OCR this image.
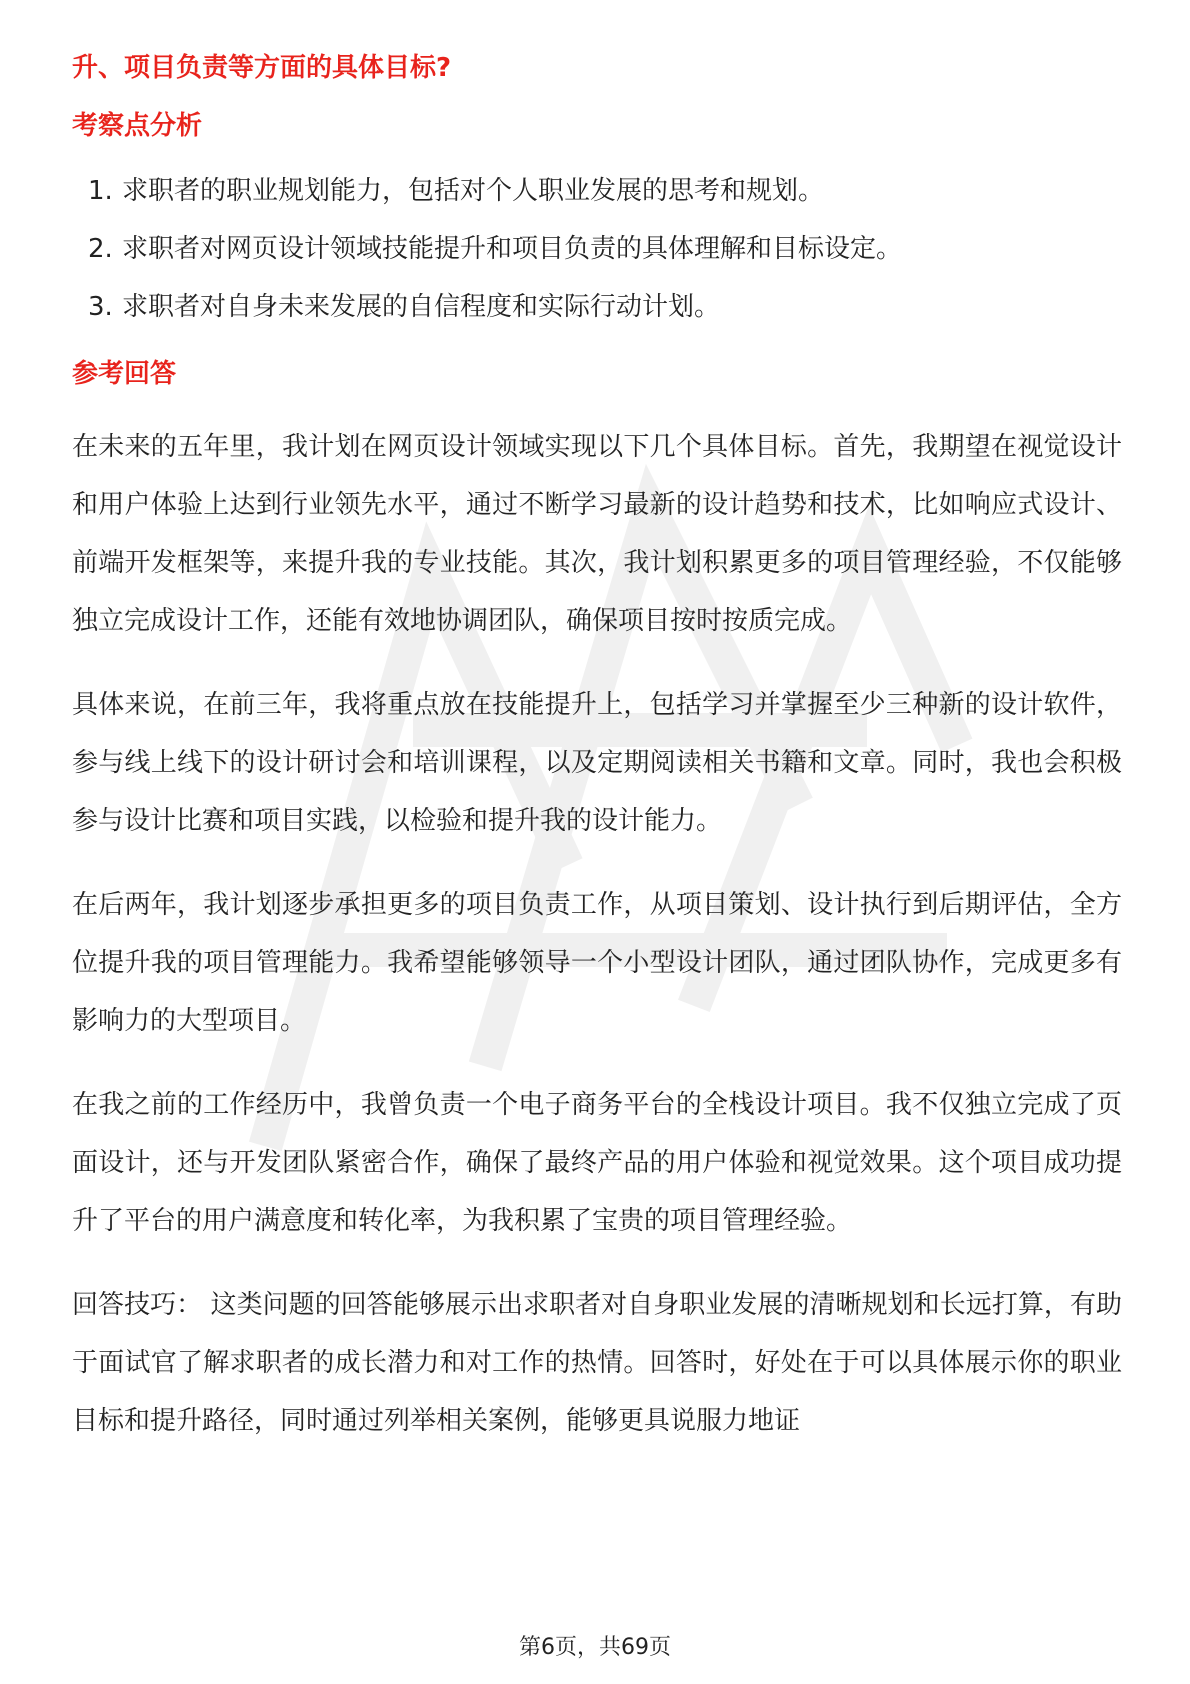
升、项目负责等方面的具体目标?

考察点分析

1. 求职者的职业规划能力，包括对个人职业发展的思考和规划。
2. 求职者对网页设计领域技能提升和项目负责的具体理解和目标设定。
3. 求职者对自身未来发展的自信程度和实际行动计划。

参考回答

在未来的五年里，我计划在网页设计领域实现以下几个具体目标。首先，我期望在视觉设计和用户体验上达到行业领先水平，通过不断学习最新的设计趋势和技术，比如响应式设计、前端开发框架等，来提升我的专业技能。其次，我计划积累更多的项目管理经验，不仅能够独立完成设计工作，还能有效地协调团队，确保项目按时按质完成。

具体来说，在前三年，我将重点放在技能提升上，包括学习并掌握至少三种新的设计软件，参与线上线下的设计研讨会和培训课程，以及定期阅读相关书籍和文章。同时，我也会积极参与设计比赛和项目实践，以检验和提升我的设计能力。

在后两年，我计划逐步承担更多的项目负责工作，从项目策划、设计执行到后期评估，全方位提升我的项目管理能力。我希望能够领导一个小型设计团队，通过团队协作，完成更多有影响力的大型项目。

在我之前的工作经历中，我曾负责一个电子商务平台的全栈设计项目。我不仅独立完成了页面设计，还与开发团队紧密合作，确保了最终产品的用户体验和视觉效果。这个项目成功提升了平台的用户满意度和转化率，为我积累了宝贵的项目管理经验。

回答技巧： 这类问题的回答能够展示出求职者对自身职业发展的清晰规划和长远打算，有助于面试官了解求职者的成长潜力和对工作的热情。回答时，好处在于可以具体展示你的职业目标和提升路径，同时通过列举相关案例，能够更具说服力地证

第6页，共69页
